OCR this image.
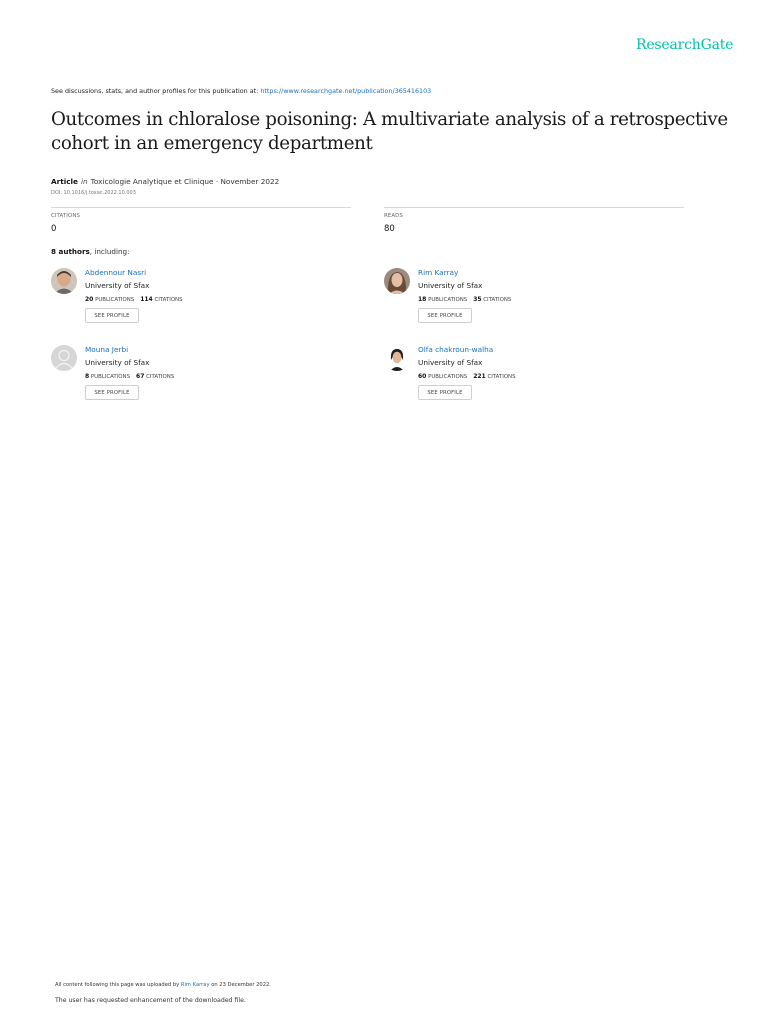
ResearchGate
See discussions, stats, and author profiles for this publication at: https://www.researchgate.net/publication/365416103
Outcomes in chloralose poisoning: A multivariate analysis of a retrospective cohort in an emergency department
Article in Toxicologie Analytique et Clinique · November 2022
DOI: 10.1016/j.toxac.2022.10.003
CITATIONS
0
READS
80
8 authors, including:
Abdennour Nasri
University of Sfax
20 PUBLICATIONS 114 CITATIONS
SEE PROFILE
Rim Karray
University of Sfax
18 PUBLICATIONS 35 CITATIONS
SEE PROFILE
Mouna Jerbi
University of Sfax
8 PUBLICATIONS 67 CITATIONS
SEE PROFILE
Olfa chakroun-walha
University of Sfax
60 PUBLICATIONS 221 CITATIONS
SEE PROFILE
All content following this page was uploaded by Rim Karray on 23 December 2022.
The user has requested enhancement of the downloaded file.
